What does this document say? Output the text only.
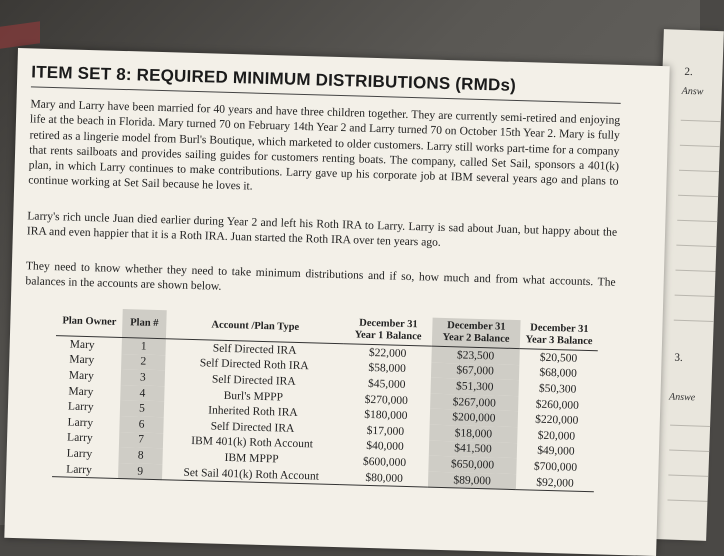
2.
Answ
3.
Answe
ITEM SET 8: REQUIRED MINIMUM DISTRIBUTIONS (RMDs)
Mary and Larry have been married for 40 years and have three children together. They are currently semi-retired and enjoying life at the beach in Florida. Mary turned 70 on February 14th Year 2 and Larry turned 70 on October 15th Year 2. Mary is fully retired as a lingerie model from Burl's Boutique, which marketed to older customers. Larry still works part-time for a company that rents sailboats and provides sailing guides for customers renting boats. The company, called Set Sail, sponsors a 401(k) plan, in which Larry continues to make contributions. Larry gave up his corporate job at IBM several years ago and plans to continue working at Set Sail because he loves it.
Larry's rich uncle Juan died earlier during Year 2 and left his Roth IRA to Larry. Larry is sad about Juan, but happy about the IRA and even happier that it is a Roth IRA. Juan started the Roth IRA over ten years ago.
They need to know whether they need to take minimum distributions and if so, how much and from what accounts. The balances in the accounts are shown below.
Plan Owner	Plan #	Account /Plan Type	December 31 Year 1 Balance	December 31 Year 2 Balance	December 31 Year 3 Balance
Mary	1	Self Directed IRA	$22,000	$23,500	$20,500
Mary	2	Self Directed Roth IRA	$58,000	$67,000	$68,000
Mary	3	Self Directed IRA	$45,000	$51,300	$50,300
Mary	4	Burl's MPPP	$270,000	$267,000	$260,000
Larry	5	Inherited Roth IRA	$180,000	$200,000	$220,000
Larry	6	Self Directed IRA	$17,000	$18,000	$20,000
Larry	7	IBM 401(k) Roth Account	$40,000	$41,500	$49,000
Larry	8	IBM MPPP	$600,000	$650,000	$700,000
Larry	9	Set Sail 401(k) Roth Account	$80,000	$89,000	$92,000
